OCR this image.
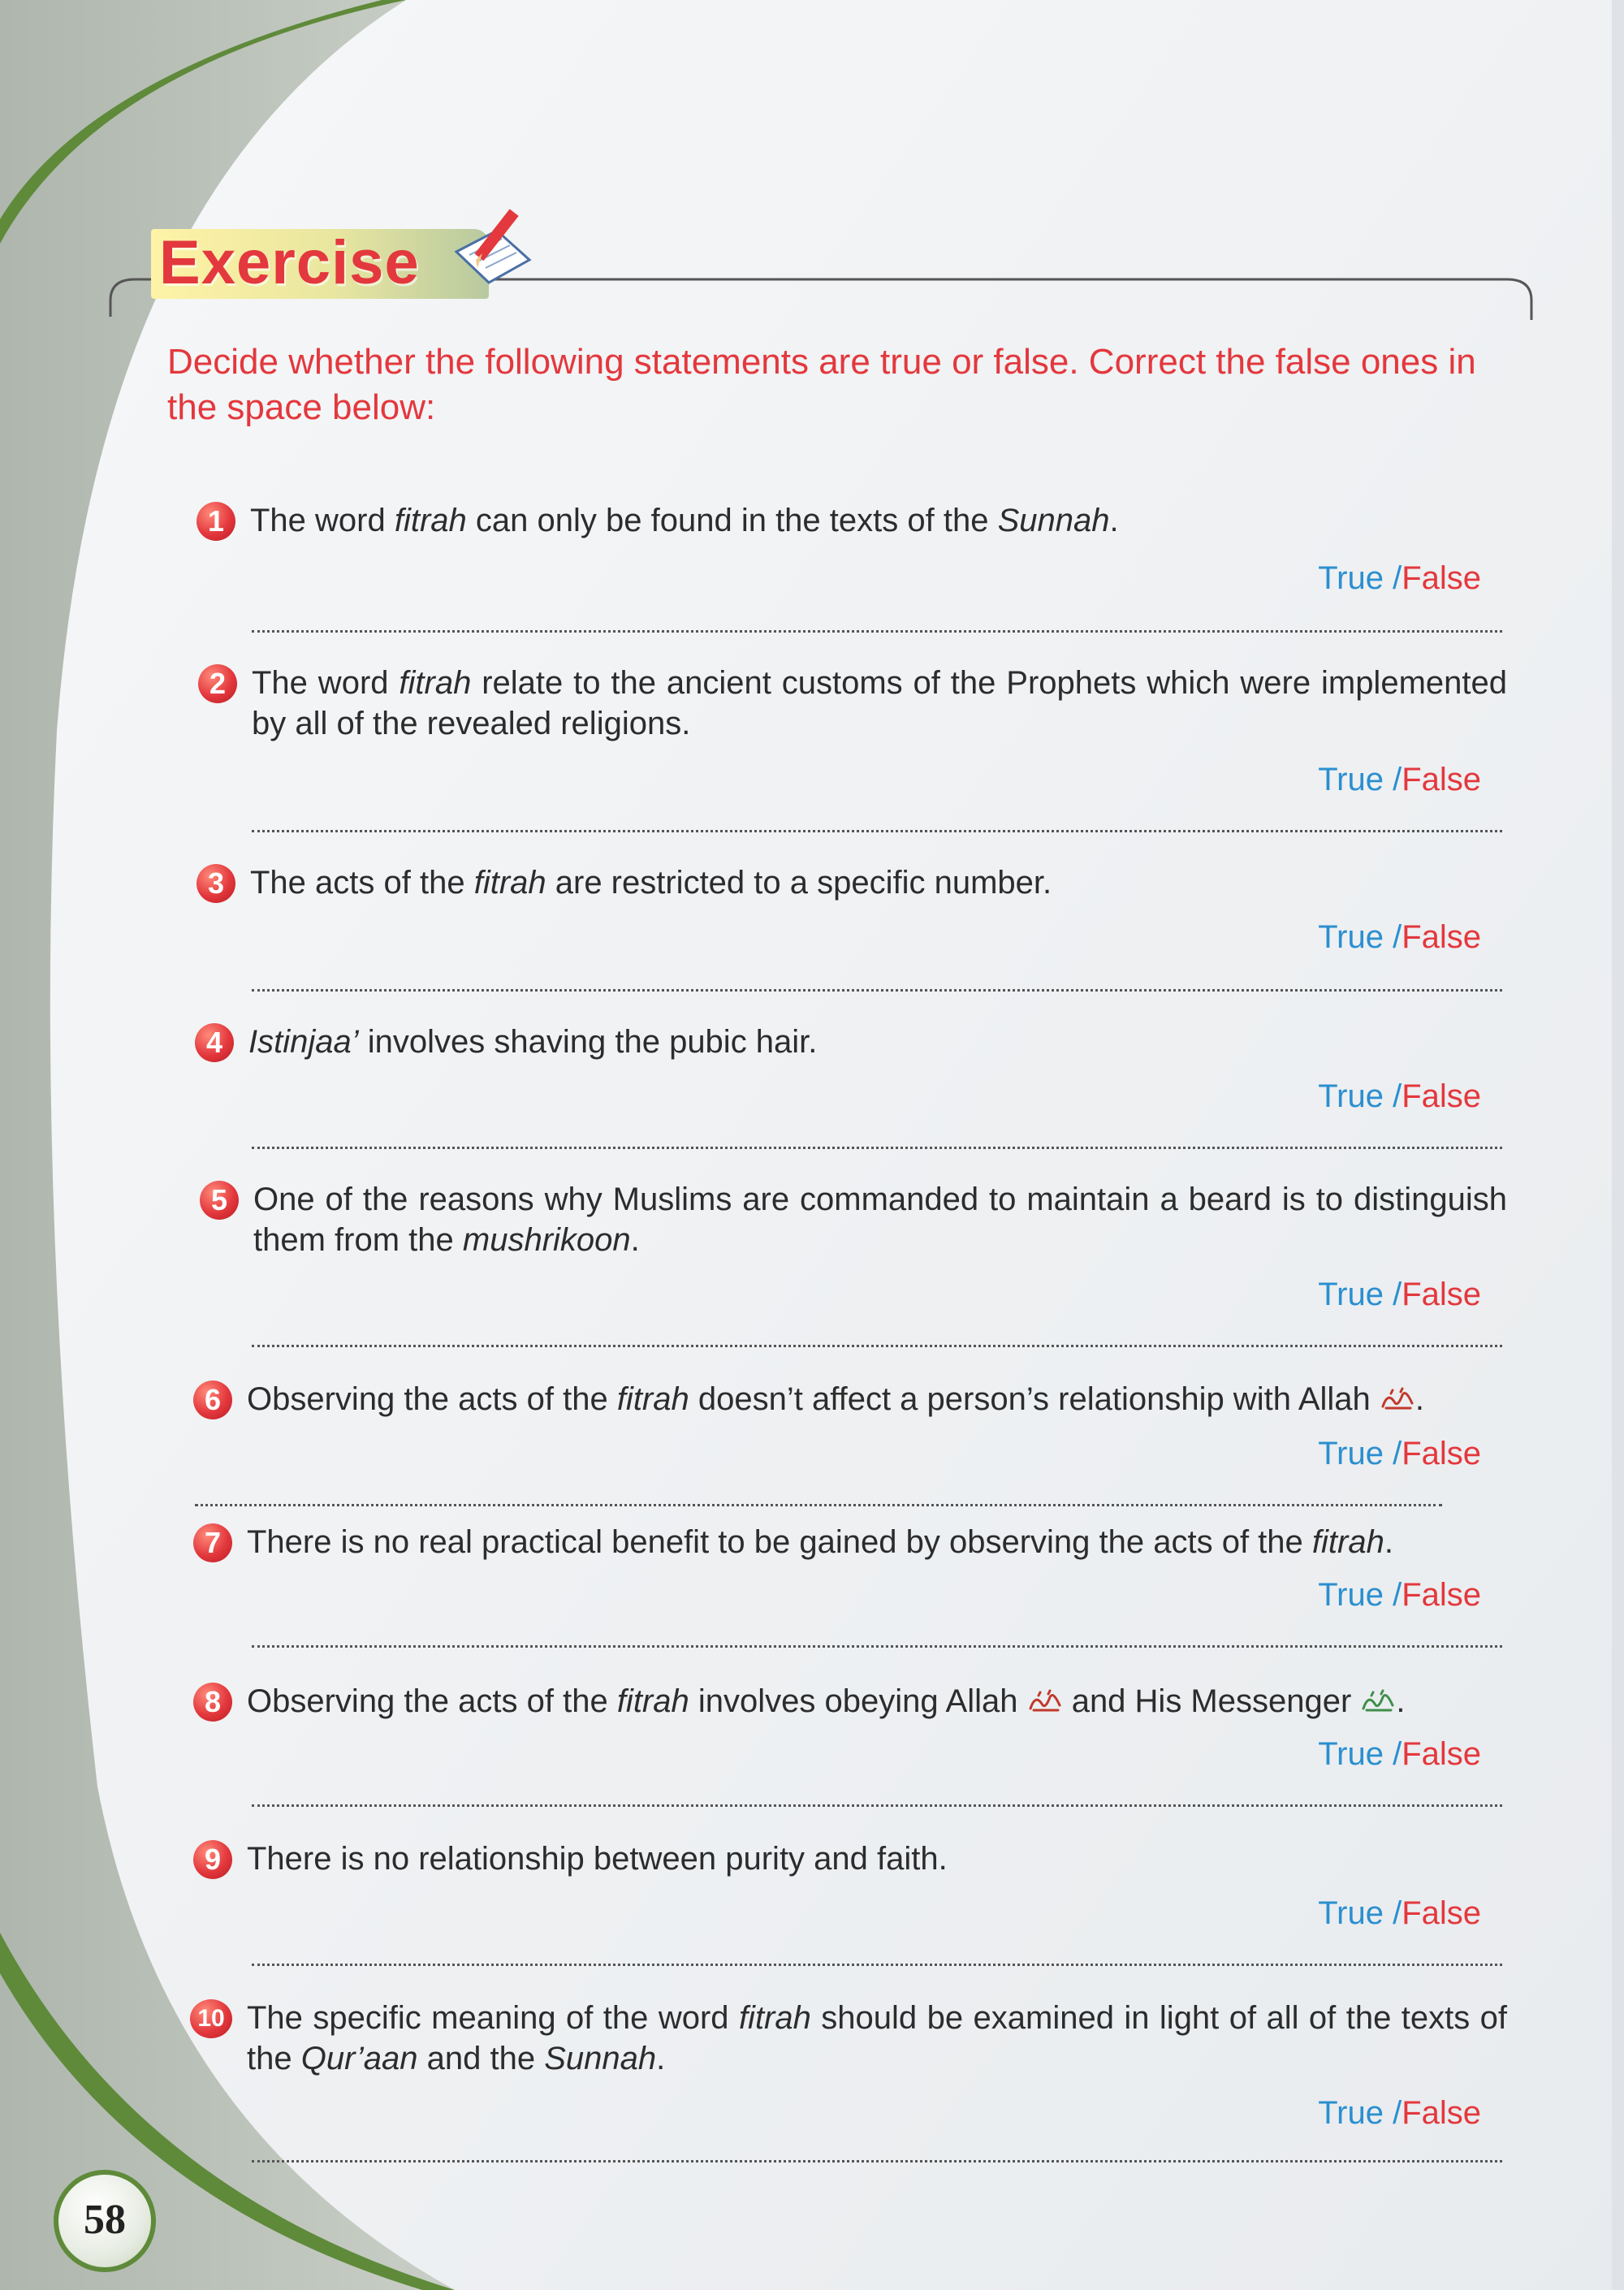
Exercise
Decide whether the following statements are true or false. Correct the false ones in the space below:
1 The word fitrah can only be found in the texts of the Sunnah.
True /False
2 The word fitrah relate to the ancient customs of the Prophets which were implemented by all of the revealed religions.
True /False
3 The acts of the fitrah are restricted to a specific number.
True /False
4 Istinjaa’ involves shaving the pubic hair.
True /False
5 One of the reasons why Muslims are commanded to maintain a beard is to distinguish them from the mushrikoon.
True /False
6 Observing the acts of the fitrah doesn’t affect a person’s relationship with Allah .
True /False
7 There is no real practical benefit to be gained by observing the acts of the fitrah.
True /False
8 Observing the acts of the fitrah involves obeying Allah  and His Messenger .
True /False
9 There is no relationship between purity and faith.
True /False
10 The specific meaning of the word fitrah should be examined in light of all of the texts of the Qur’aan and the Sunnah.
True /False
58
